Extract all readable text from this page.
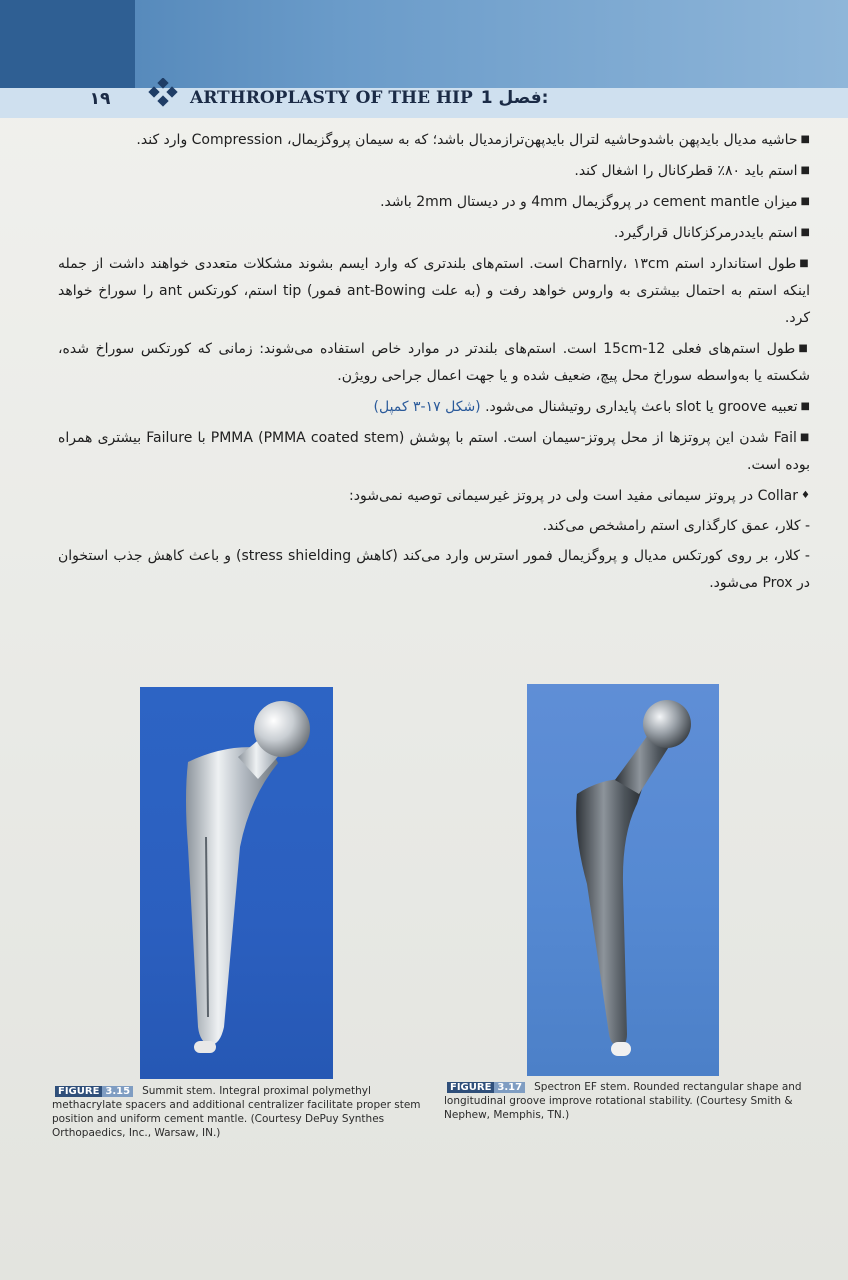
۱۹	ARTHROPLASTY OF THE HIP فصل 1:

■حاشیه مدیال بایدپهن باشدوحاشیه لترال بایدپهن‌ترازمدیال باشد؛ که به سیمان پروگزیمال، Compression وارد کند.

■استم باید ۸۰٪ قطرکانال را اشغال کند.

■میزان cement mantle در پروگزیمال 4mm و در دیستال 2mm باشد.

■استم بایددرمرکزکانال قرارگیرد.

■طول استاندارد استم Charnly، ۱۳cm است. استم‌های بلندتری که وارد ایسم بشوند مشکلات متعددی خواهند داشت از جمله اینکه استم به احتمال بیشتری به واروس خواهد رفت و (به علت ant-Bowing فمور) tip استم، کورتکس ant را سوراخ خواهد کرد.

■طول استم‌های فعلی 12-15cm است. استم‌های بلندتر در موارد خاص استفاده می‌شوند: زمانی که کورتکس سوراخ شده، شکسته یا به‌واسطه سوراخ محل پیچ، ضعیف شده و یا جهت اعمال جراحی رویژن.

■تعبیه groove یا slot باعث پایداری روتیشنال می‌شود. (شکل ۱۷-۳ کمپل)

■Fail شدن این پروتزها از محل پروتز-سیمان است. استم با پوشش PMMA (PMMA coated stem) با Failure بیشتری همراه بوده است.

♦Collar در پروتز سیمانی مفید است ولی در پروتز غیرسیمانی توصیه نمی‌شود:

- کلار، عمق کارگذاری استم رامشخص می‌کند.

- کلار، بر روی کورتکس مدیال و پروگزیمال فمور استرس وارد می‌کند (کاهش stress shielding) و باعث کاهش جذب استخوان در Prox می‌شود.

FIGURE 3.15 Summit stem. Integral proximal polymethyl methacrylate spacers and additional centralizer facilitate proper stem position and uniform cement mantle. (Courtesy DePuy Synthes Orthopaedics, Inc., Warsaw, IN.)
FIGURE 3.17 Spectron EF stem. Rounded rectangular shape and longitudinal groove improve rotational stability. (Courtesy Smith & Nephew, Memphis, TN.)
